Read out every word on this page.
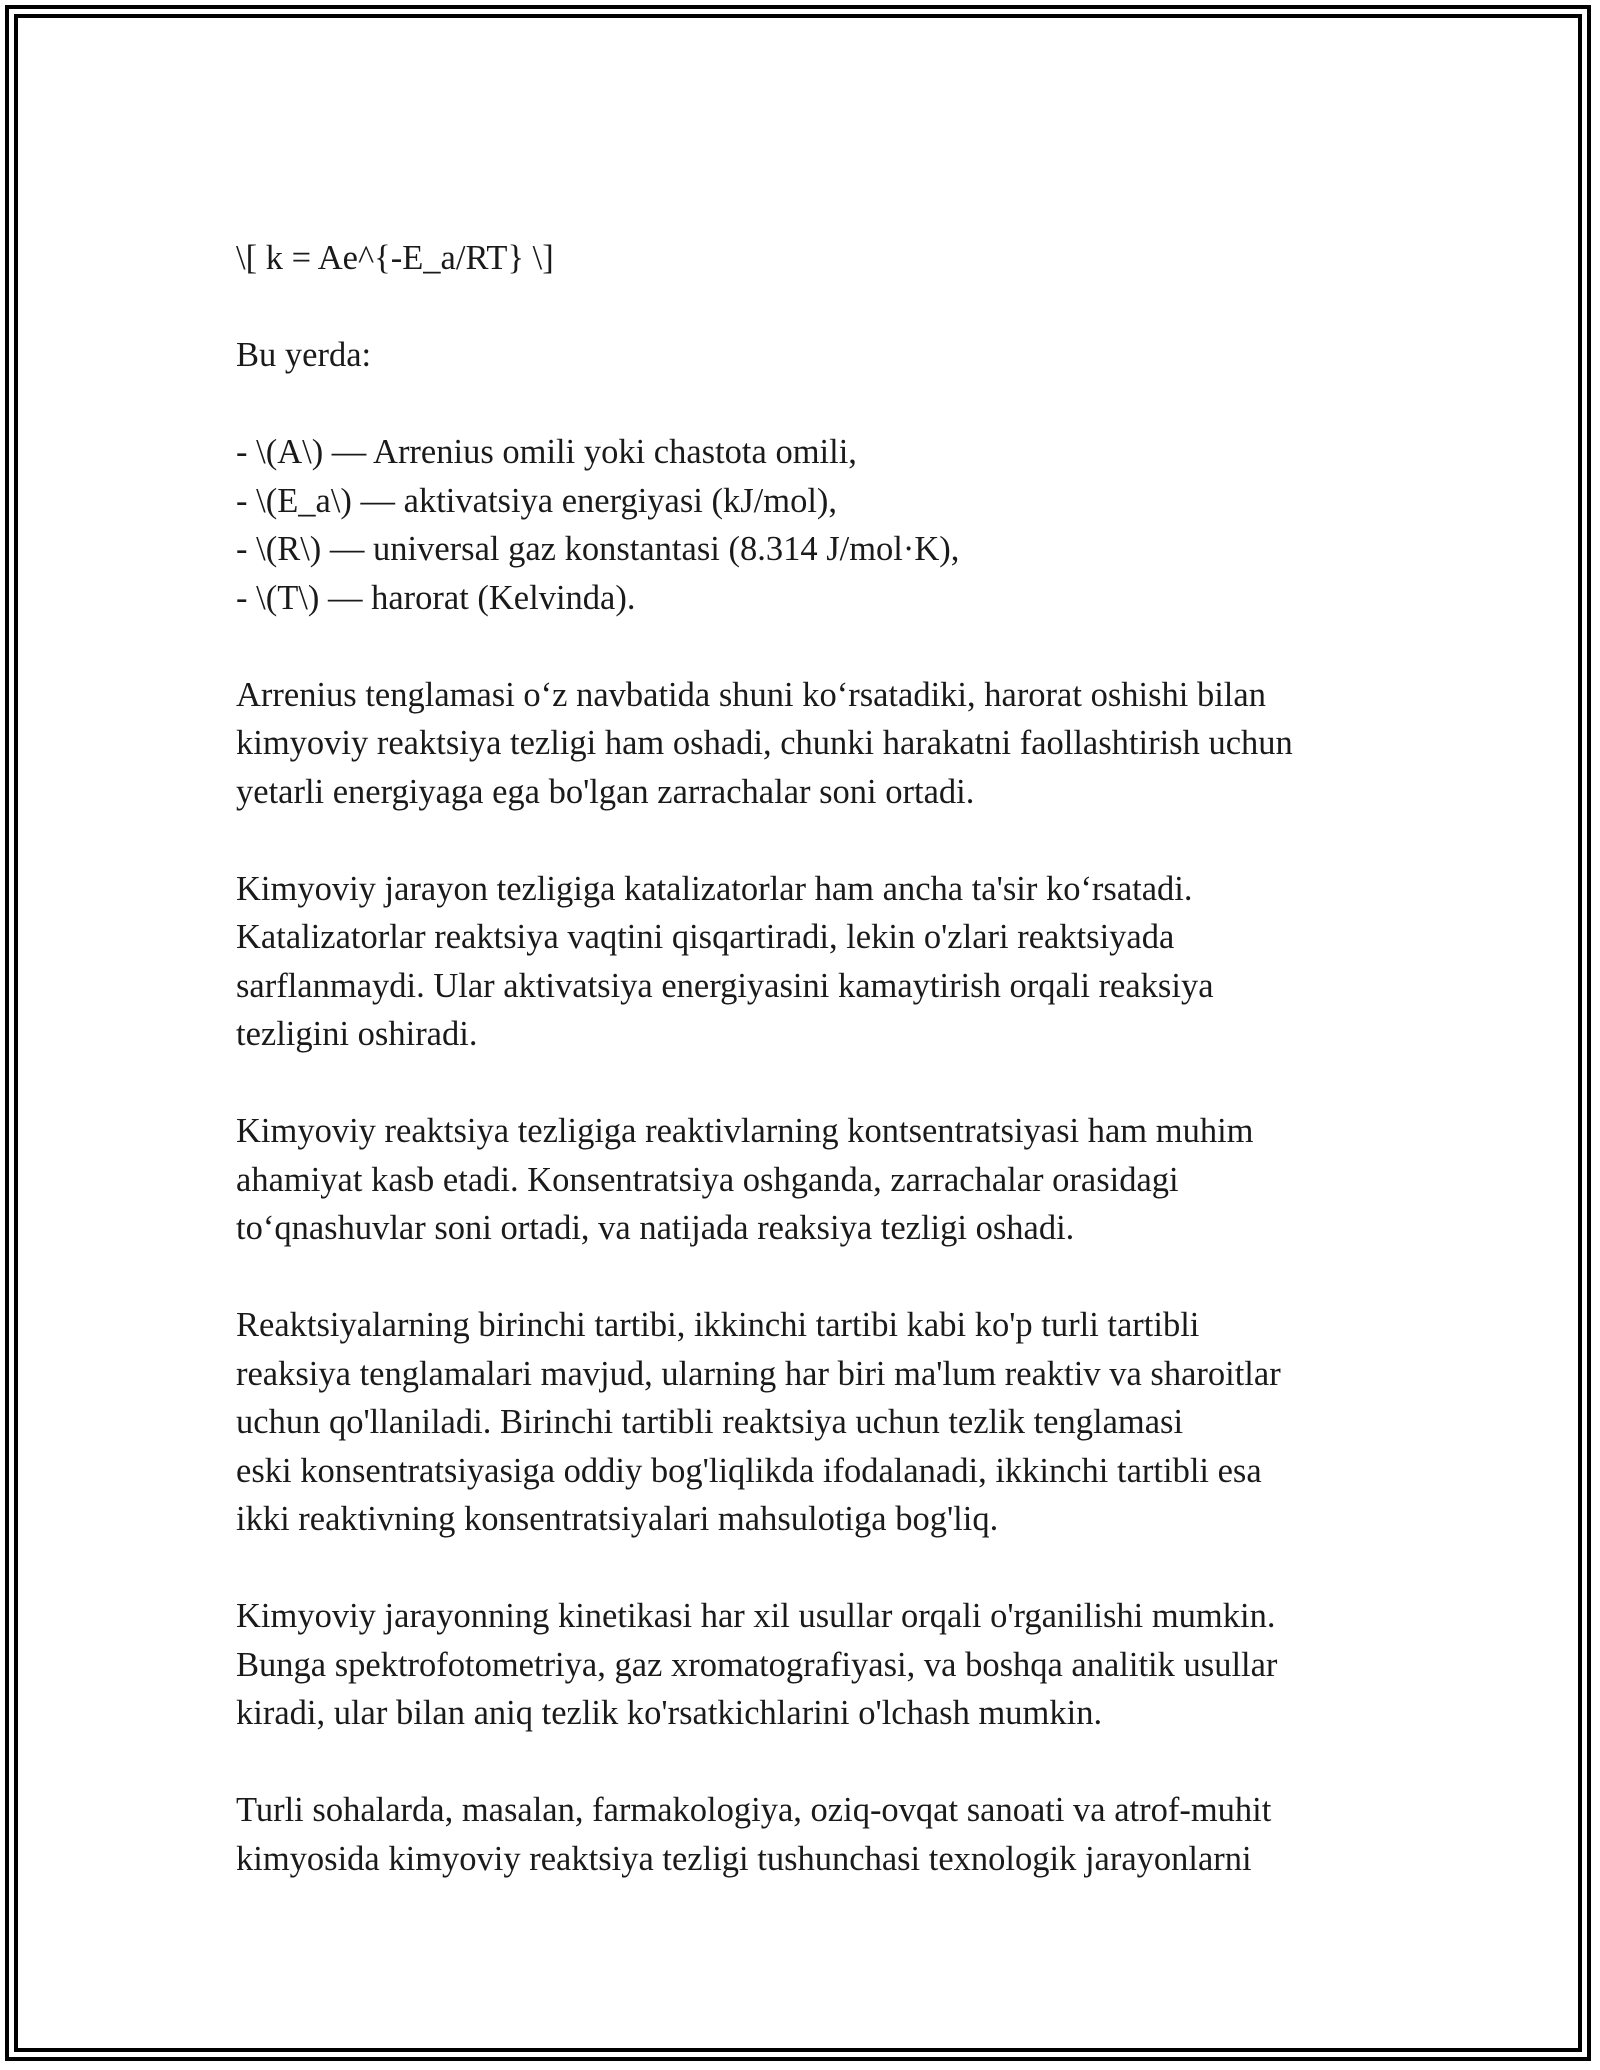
\[ k = Ae^{-E_a/RT} \]
Bu yerda:
- \(A\) — Arrenius omili yoki chastota omili,
- \(E_a\) — aktivatsiya energiyasi (kJ/mol),
- \(R\) — universal gaz konstantasi (8.314 J/mol·K),
- \(T\) — harorat (Kelvinda).
Arrenius tenglamasi o‘z navbatida shuni ko‘rsatadiki, harorat oshishi bilan
kimyoviy reaktsiya tezligi ham oshadi, chunki harakatni faollashtirish uchun
yetarli energiyaga ega bo'lgan zarrachalar soni ortadi.
Kimyoviy jarayon tezligiga katalizatorlar ham ancha ta'sir ko‘rsatadi.
Katalizatorlar reaktsiya vaqtini qisqartiradi, lekin o'zlari reaktsiyada
sarflanmaydi. Ular aktivatsiya energiyasini kamaytirish orqali reaksiya
tezligini oshiradi.
Kimyoviy reaktsiya tezligiga reaktivlarning kontsentratsiyasi ham muhim
ahamiyat kasb etadi. Konsentratsiya oshganda, zarrachalar orasidagi
to‘qnashuvlar soni ortadi, va natijada reaksiya tezligi oshadi.
Reaktsiyalarning birinchi tartibi, ikkinchi tartibi kabi ko'p turli tartibli
reaksiya tenglamalari mavjud, ularning har biri ma'lum reaktiv va sharoitlar
uchun qo'llaniladi. Birinchi tartibli reaktsiya uchun tezlik tenglamasi
eski konsentratsiyasiga oddiy bog'liqlikda ifodalanadi, ikkinchi tartibli esa
ikki reaktivning konsentratsiyalari mahsulotiga bog'liq.
Kimyoviy jarayonning kinetikasi har xil usullar orqali o'rganilishi mumkin.
Bunga spektrofotometriya, gaz xromatografiyasi, va boshqa analitik usullar
kiradi, ular bilan aniq tezlik ko'rsatkichlarini o'lchash mumkin.
Turli sohalarda, masalan, farmakologiya, oziq-ovqat sanoati va atrof-muhit
kimyosida kimyoviy reaktsiya tezligi tushunchasi texnologik jarayonlarni
